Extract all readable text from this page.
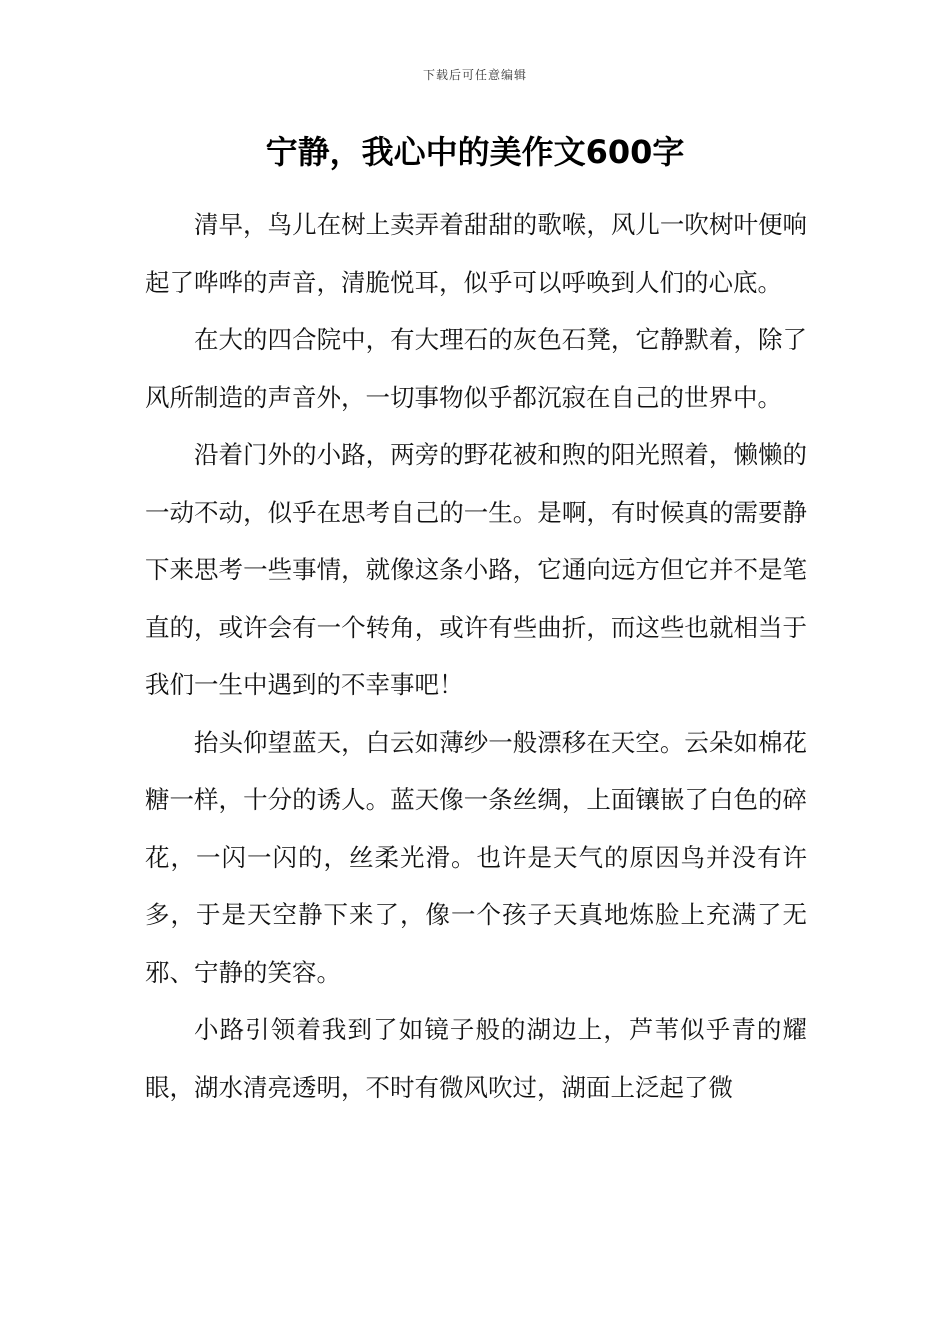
下载后可任意编辑
宁静，我心中的美作文600字

清早，鸟儿在树上卖弄着甜甜的歌喉，风儿一吹树叶便响起了哗哗的声音，清脆悦耳，似乎可以呼唤到人们的心底。

在大的四合院中，有大理石的灰色石凳，它静默着，除了风所制造的声音外，一切事物似乎都沉寂在自己的世界中。

沿着门外的小路，两旁的野花被和煦的阳光照着，懒懒的一动不动，似乎在思考自己的一生。是啊，有时候真的需要静下来思考一些事情，就像这条小路，它通向远方但它并不是笔直的，或许会有一个转角，或许有些曲折，而这些也就相当于我们一生中遇到的不幸事吧！

抬头仰望蓝天，白云如薄纱一般漂移在天空。云朵如棉花糖一样，十分的诱人。蓝天像一条丝绸，上面镶嵌了白色的碎花，一闪一闪的，丝柔光滑。也许是天气的原因鸟并没有许多，于是天空静下来了，像一个孩子天真地炼脸上充满了无邪、宁静的笑容。

小路引领着我到了如镜子般的湖边上，芦苇似乎青的耀眼，湖水清亮透明，不时有微风吹过，湖面上泛起了微
